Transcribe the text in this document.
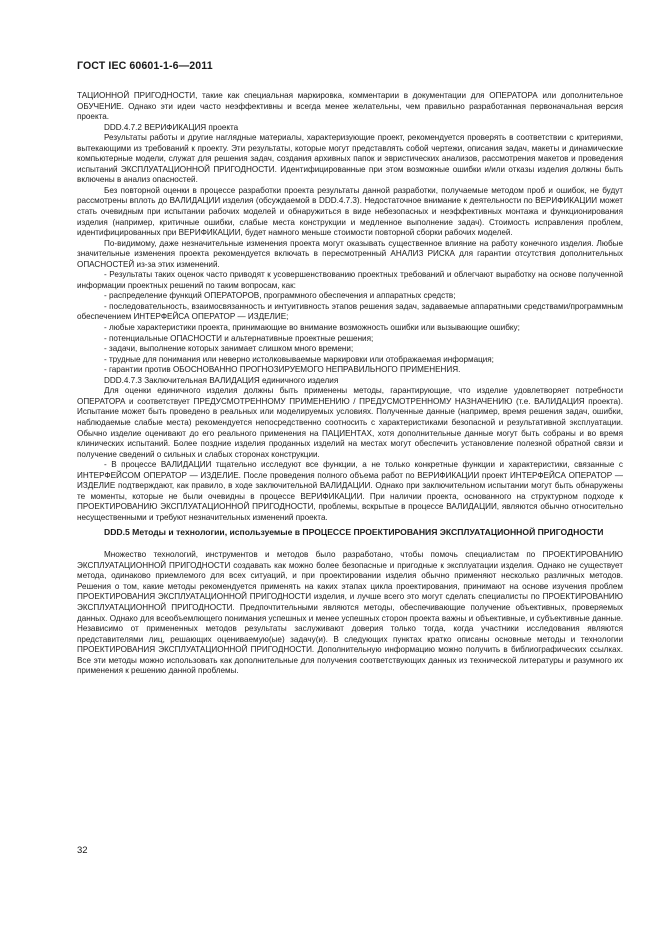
ГОСТ IEC 60601-1-6—2011

ТАЦИОННОЙ ПРИГОДНОСТИ, такие как специальная маркировка, комментарии в документации для ОПЕРАТОРА или дополнительное ОБУЧЕНИЕ. Однако эти идеи часто неэффективны и всегда менее желательны, чем правильно разработанная первоначальная версия проекта.

DDD.4.7.2 ВЕРИФИКАЦИЯ проекта

Результаты работы и другие наглядные материалы, характеризующие проект, рекомендуется проверять в соответствии с критериями, вытекающими из требований к проекту. Эти результаты, которые могут представлять собой чертежи, описания задач, макеты и динамические компьютерные модели, служат для решения задач, создания архивных папок и эвристических анализов, рассмотрения макетов и проведения испытаний ЭКСПЛУАТАЦИОННОЙ ПРИГОДНОСТИ. Идентифицированные при этом возможные ошибки и/или отказы изделия должны быть включены в анализ опасностей.

Без повторной оценки в процессе разработки проекта результаты данной разработки, получаемые методом проб и ошибок, не будут рассмотрены вплоть до ВАЛИДАЦИИ изделия (обсуждаемой в DDD.4.7.3). Недостаточное внимание к деятельности по ВЕРИФИКАЦИИ может стать очевидным при испытании рабочих моделей и обнаружиться в виде небезопасных и неэффективных монтажа и функционирования изделия (например, критичные ошибки, слабые места конструкции и медленное выполнение задач). Стоимость исправления проблем, идентифицированных при ВЕРИФИКАЦИИ, будет намного меньше стоимости повторной сборки рабочих моделей.

По-видимому, даже незначительные изменения проекта могут оказывать существенное влияние на работу конечного изделия. Любые значительные изменения проекта рекомендуется включать в пересмотренный АНАЛИЗ РИСКА для гарантии отсутствия дополнительных ОПАСНОСТЕЙ из-за этих изменений.

- Результаты таких оценок часто приводят к усовершенствованию проектных требований и облегчают выработку на основе полученной информации проектных решений по таким вопросам, как:

- распределение функций ОПЕРАТОРОВ, программного обеспечения и аппаратных средств;

- последовательность, взаимосвязанность и интуитивность этапов решения задач, задаваемые аппаратными средствами/программным обеспечением ИНТЕРФЕЙСА ОПЕРАТОР — ИЗДЕЛИЕ;

- любые характеристики проекта, принимающие во внимание возможность ошибки или вызывающие ошибку;

- потенциальные ОПАСНОСТИ и альтернативные проектные решения;

- задачи, выполнение которых занимает слишком много времени;

- трудные для понимания или неверно истолковываемые маркировки или отображаемая информация;

- гарантии против ОБОСНОВАННО ПРОГНОЗИРУЕМОГО НЕПРАВИЛЬНОГО ПРИМЕНЕНИЯ.

DDD.4.7.3 Заключительная ВАЛИДАЦИЯ единичного изделия

Для оценки единичного изделия должны быть применены методы, гарантирующие, что изделие удовлетворяет потребности ОПЕРАТОРА и соответствует ПРЕДУСМОТРЕННОМУ ПРИМЕНЕНИЮ / ПРЕДУСМОТРЕННОМУ НАЗНАЧЕНИЮ (т.е. ВАЛИДАЦИЯ проекта). Испытание может быть проведено в реальных или моделируемых условиях. Полученные данные (например, время решения задач, ошибки, наблюдаемые слабые места) рекомендуется непосредственно соотносить с характеристиками безопасной и результативной эксплуатации. Обычно изделие оценивают до его реального применения на ПАЦИЕНТАХ, хотя дополнительные данные могут быть собраны и во время клинических испытаний. Более поздние изделия проданных изделий на местах могут обеспечить установление полезной обратной связи и получение сведений о сильных и слабых сторонах конструкции.

- В процессе ВАЛИДАЦИИ тщательно исследуют все функции, а не только конкретные функции и характеристики, связанные с ИНТЕРФЕЙСОМ ОПЕРАТОР — ИЗДЕЛИЕ. После проведения полного объема работ по ВЕРИФИКАЦИИ проект ИНТЕРФЕЙСА ОПЕРАТОР — ИЗДЕЛИЕ подтверждают, как правило, в ходе заключительной ВАЛИДАЦИИ. Однако при заключительном испытании могут быть обнаружены те моменты, которые не были очевидны в процессе ВЕРИФИКАЦИИ. При наличии проекта, основанного на структурном подходе к ПРОЕКТИРОВАНИЮ ЭКСПЛУАТАЦИОННОЙ ПРИГОДНОСТИ, проблемы, вскрытые в процессе ВАЛИДАЦИИ, являются обычно относительно несущественными и требуют незначительных изменений проекта.

DDD.5 Методы и технологии, используемые в ПРОЦЕССЕ ПРОЕКТИРОВАНИЯ ЭКСПЛУАТАЦИОННОЙ ПРИГОДНОСТИ

Множество технологий, инструментов и методов было разработано, чтобы помочь специалистам по ПРОЕКТИРОВАНИЮ ЭКСПЛУАТАЦИОННОЙ ПРИГОДНОСТИ создавать как можно более безопасные и пригодные к эксплуатации изделия. Однако не существует метода, одинаково приемлемого для всех ситуаций, и при проектировании изделия обычно применяют несколько различных методов. Решения о том, какие методы рекомендуется применять на каких этапах цикла проектирования, принимают на основе изучения проблем ПРОЕКТИРОВАНИЯ ЭКСПЛУАТАЦИОННОЙ ПРИГОДНОСТИ изделия, и лучше всего это могут сделать специалисты по ПРОЕКТИРОВАНИЮ ЭКСПЛУАТАЦИОННОЙ ПРИГОДНОСТИ. Предпочтительными являются методы, обеспечивающие получение объективных, проверяемых данных. Однако для всеобъемлющего понимания успешных и менее успешных сторон проекта важны и объективные, и субъективные данные. Независимо от примененных методов результаты заслуживают доверия только тогда, когда участники исследования являются представителями лиц, решающих оцениваемую(ые) задачу(и). В следующих пунктах кратко описаны основные методы и технологии ПРОЕКТИРОВАНИЯ ЭКСПЛУАТАЦИОННОЙ ПРИГОДНОСТИ. Дополнительную информацию можно получить в библиографических ссылках. Все эти методы можно использовать как дополнительные для получения соответствующих данных из технической литературы и разумного их применения к решению данной проблемы.

32
